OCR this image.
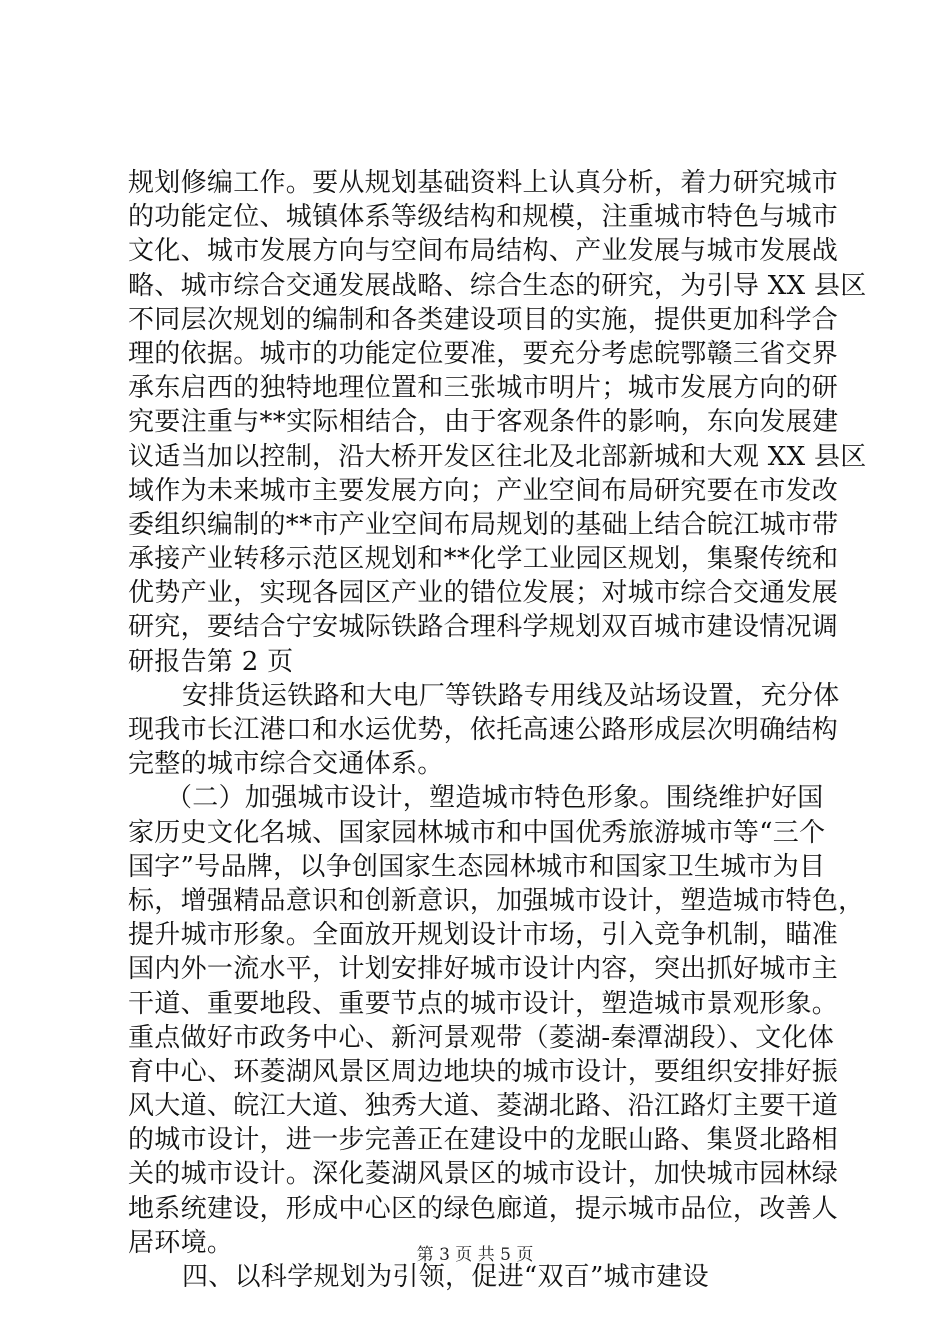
规划修编工作。要从规划基础资料上认真分析，着力研究城市
的功能定位、城镇体系等级结构和规模，注重城市特色与城市
文化、城市发展方向与空间布局结构、产业发展与城市发展战
略、城市综合交通发展战略、综合生态的研究，为引导 XX 县区
不同层次规划的编制和各类建设项目的实施，提供更加科学合
理的依据。城市的功能定位要准，要充分考虑皖鄂赣三省交界
承东启西的独特地理位置和三张城市明片；城市发展方向的研
究要注重与**实际相结合，由于客观条件的影响，东向发展建
议适当加以控制，沿大桥开发区往北及北部新城和大观 XX 县区
域作为未来城市主要发展方向；产业空间布局研究要在市发改
委组织编制的**市产业空间布局规划的基础上结合皖江城市带
承接产业转移示范区规划和**化学工业园区规划，集聚传统和
优势产业，实现各园区产业的错位发展；对城市综合交通发展
研究，要结合宁安城际铁路合理科学规划双百城市建设情况调
研报告第 2 页
安排货运铁路和大电厂等铁路专用线及站场设置，充分体
现我市长江港口和水运优势，依托高速公路形成层次明确结构
完整的城市综合交通体系。
（二）加强城市设计，塑造城市特色形象。围绕维护好国
家历史文化名城、国家园林城市和中国优秀旅游城市等“三个
国字”号品牌，以争创国家生态园林城市和国家卫生城市为目
标，增强精品意识和创新意识，加强城市设计，塑造城市特色，
提升城市形象。全面放开规划设计市场，引入竞争机制，瞄准
国内外一流水平，计划安排好城市设计内容，突出抓好城市主
干道、重要地段、重要节点的城市设计，塑造城市景观形象。
重点做好市政务中心、新河景观带（菱湖-秦潭湖段）、文化体
育中心、环菱湖风景区周边地块的城市设计，要组织安排好振
风大道、皖江大道、独秀大道、菱湖北路、沿江路灯主要干道
的城市设计，进一步完善正在建设中的龙眠山路、集贤北路相
关的城市设计。深化菱湖风景区的城市设计，加快城市园林绿
地系统建设，形成中心区的绿色廊道，提示城市品位，改善人
居环境。
四、以科学规划为引领，促进“双百”城市建设
第 3 页 共 5 页
